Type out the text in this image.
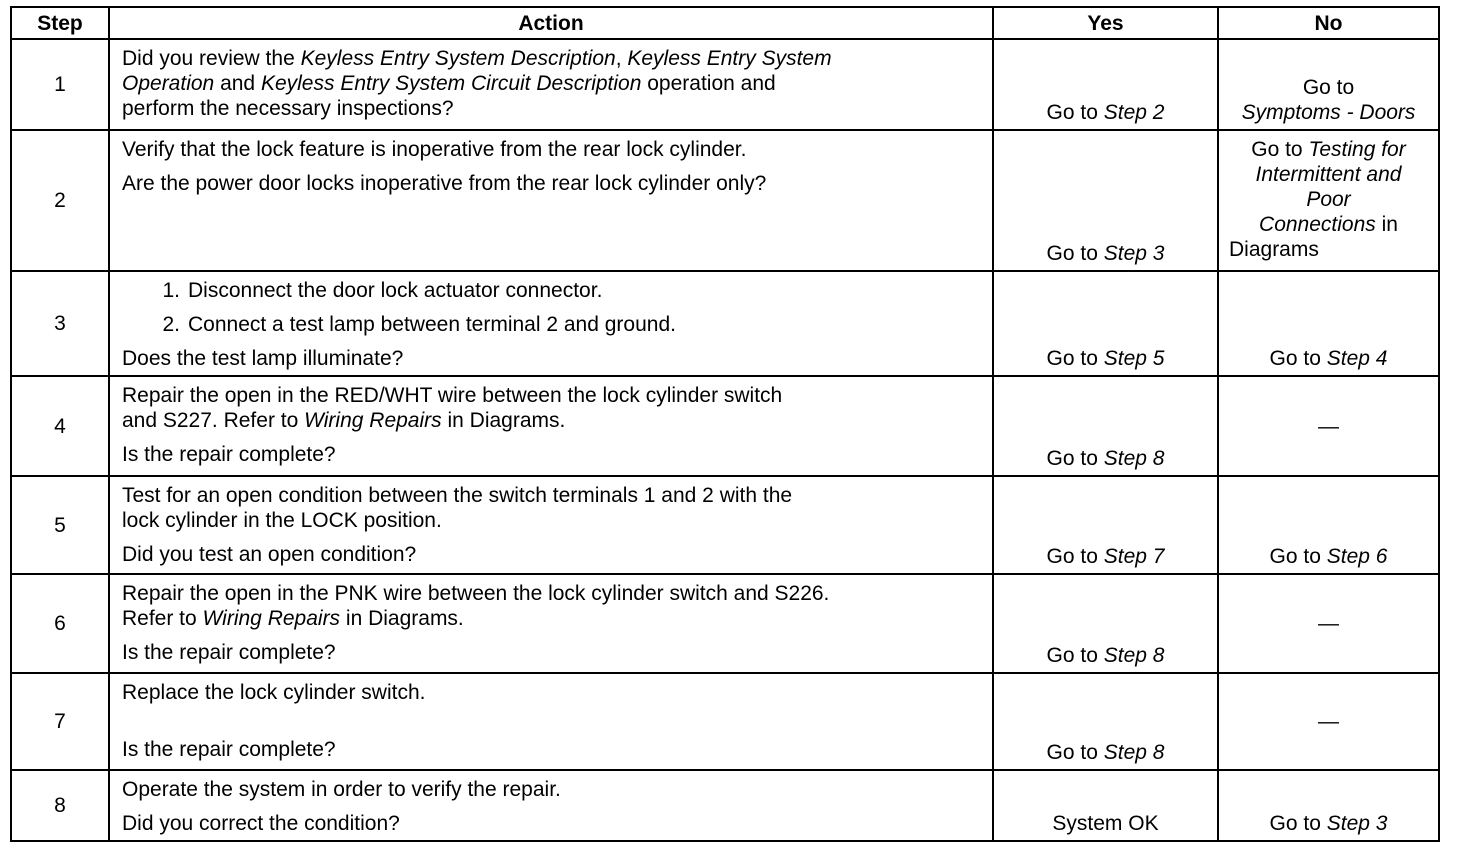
Step	Action	Yes	No
1	Did you review the Keyless Entry System Description, Keyless Entry System
Operation and Keyless Entry System Circuit Description operation and
perform the necessary inspections?	Go to Step 2	Go to
Symptoms - Doors

2	Verify that the lock feature is inoperative from the rear lock cylinder.
Are the power door locks inoperative from the rear lock cylinder only?	Go to Step 3	Go to Testing for
Intermittent and
Poor
Connections in
Diagrams

3	1. Disconnect the door lock actuator connector.
2. Connect a test lamp between terminal 2 and ground.
Does the test lamp illuminate?	Go to Step 5	Go to Step 4
4	Repair the open in the RED/WHT wire between the lock cylinder switch
and S227. Refer to Wiring Repairs in Diagrams.
Is the repair complete?	Go to Step 8	—
5	Test for an open condition between the switch terminals 1 and 2 with the
lock cylinder in the LOCK position.
Did you test an open condition?	Go to Step 7	Go to Step 6
6	Repair the open in the PNK wire between the lock cylinder switch and S226.
Refer to Wiring Repairs in Diagrams.
Is the repair complete?	Go to Step 8	—
7	Replace the lock cylinder switch.
Is the repair complete?	Go to Step 8	—
8	Operate the system in order to verify the repair.
Did you correct the condition?	System OK	Go to Step 3
